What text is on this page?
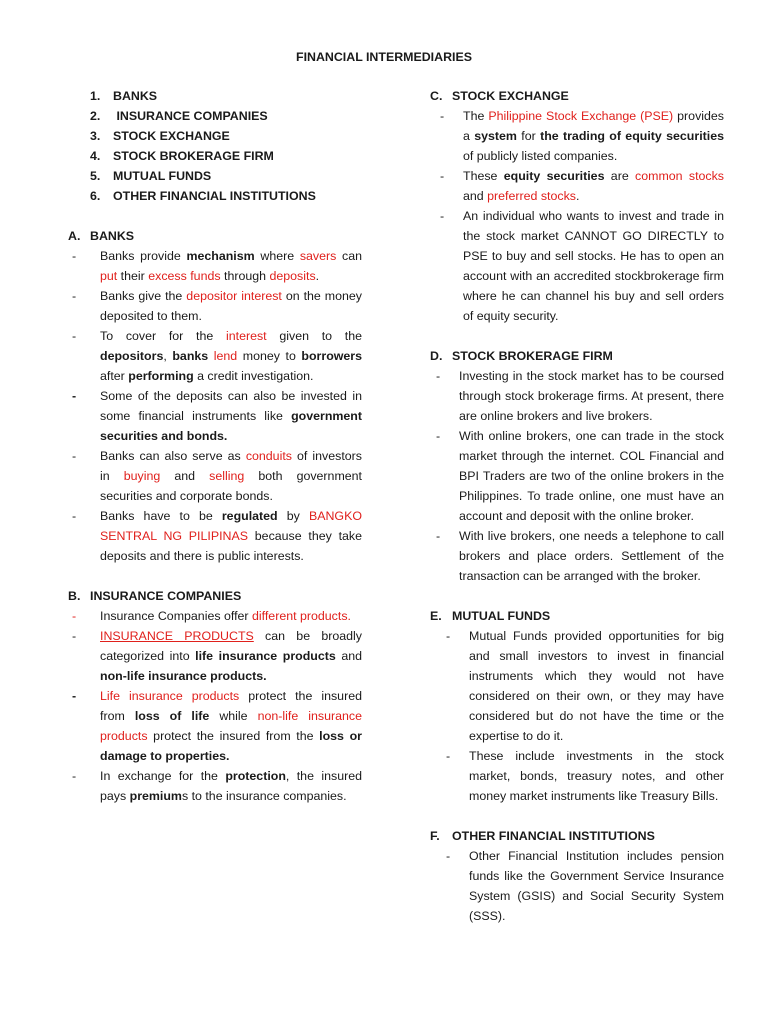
FINANCIAL INTERMEDIARIES
1.	BANKS
2.	INSURANCE COMPANIES
3.	STOCK EXCHANGE
4.	STOCK BROKERAGE FIRM
5.	MUTUAL FUNDS
6.	OTHER FINANCIAL INSTITUTIONS
A. BANKS
-	Banks provide mechanism where savers can put their excess funds through deposits.
-	Banks give the depositor interest on the money deposited to them.
-	To cover for the interest given to the depositors, banks lend money to borrowers after performing a credit investigation.
-	Some of the deposits can also be invested in some financial instruments like government securities and bonds.
-	Banks can also serve as conduits of investors in buying and selling both government securities and corporate bonds.
-	Banks have to be regulated by BANGKO SENTRAL NG PILIPINAS because they take deposits and there is public interests.
B. INSURANCE COMPANIES
-	Insurance Companies offer different products.
-	INSURANCE PRODUCTS can be broadly categorized into life insurance products and non-life insurance products.
-	Life insurance products protect the insured from loss of life while non-life insurance products protect the insured from the loss or damage to properties.
-	In exchange for the protection, the insured pays premiums to the insurance companies.
C. STOCK EXCHANGE
-	The Philippine Stock Exchange (PSE) provides a system for the trading of equity securities of publicly listed companies.
-	These equity securities are common stocks and preferred stocks.
-	An individual who wants to invest and trade in the stock market CANNOT GO DIRECTLY to PSE to buy and sell stocks. He has to open an account with an accredited stockbrokerage firm where he can channel his buy and sell orders of equity security.
D. STOCK BROKERAGE FIRM
-	Investing in the stock market has to be coursed through stock brokerage firms. At present, there are online brokers and live brokers.
-	With online brokers, one can trade in the stock market through the internet. COL Financial and BPI Traders are two of the online brokers in the Philippines. To trade online, one must have an account and deposit with the online broker.
-	With live brokers, one needs a telephone to call brokers and place orders. Settlement of the transaction can be arranged with the broker.
E. MUTUAL FUNDS
-	Mutual Funds provided opportunities for big and small investors to invest in financial instruments which they would not have considered on their own, or they may have considered but do not have the time or the expertise to do it.
-	These include investments in the stock market, bonds, treasury notes, and other money market instruments like Treasury Bills.
F. OTHER FINANCIAL INSTITUTIONS
-	Other Financial Institution includes pension funds like the Government Service Insurance System (GSIS) and Social Security System (SSS).
